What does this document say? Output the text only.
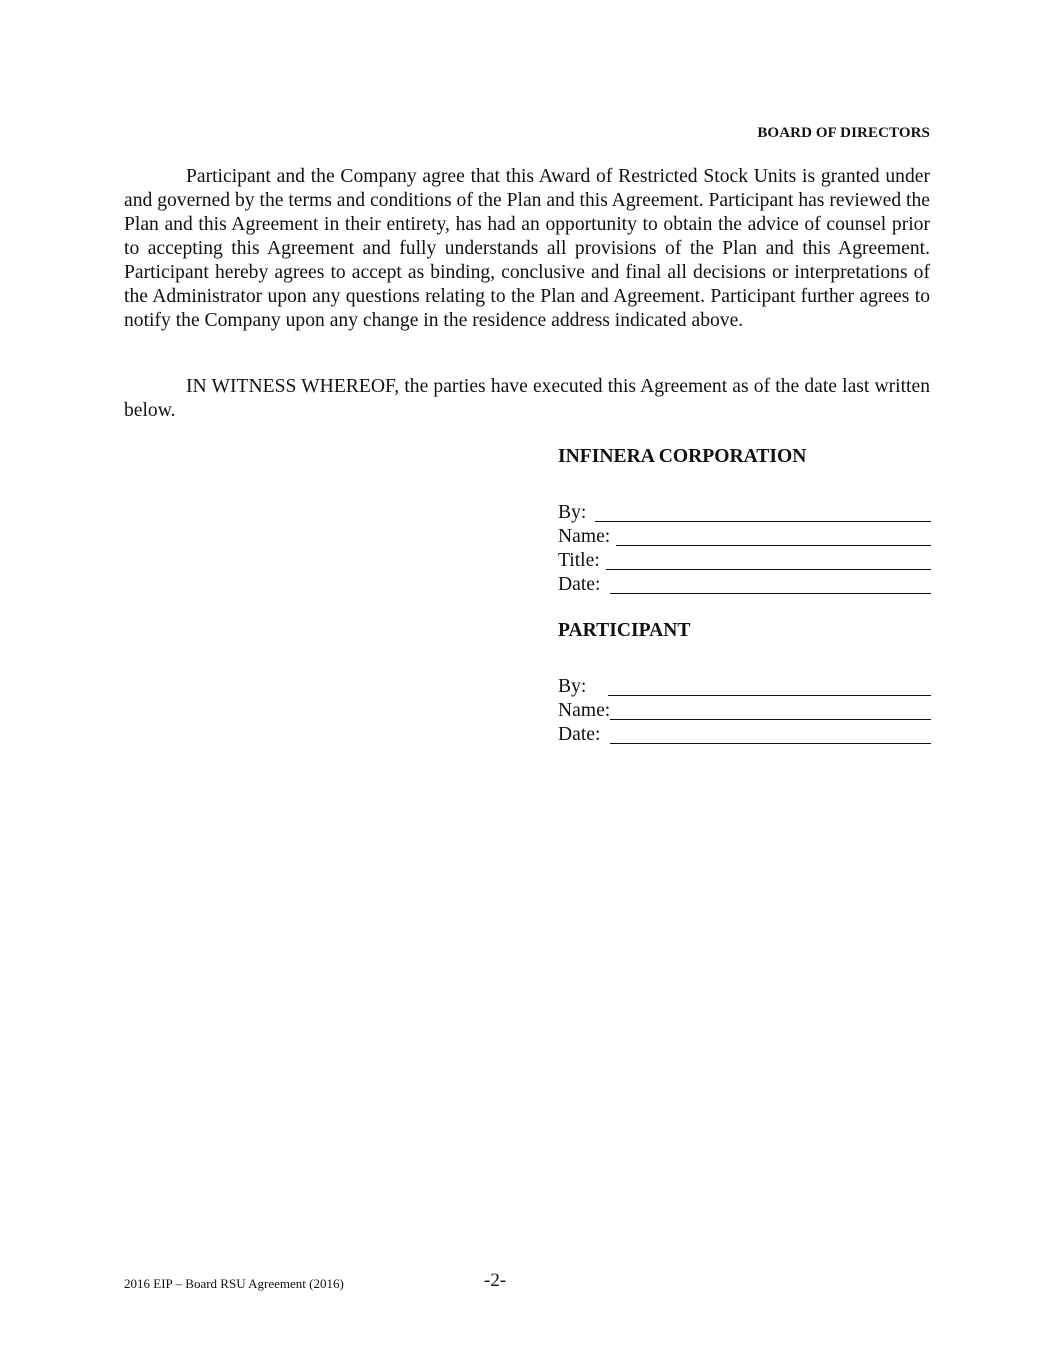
BOARD OF DIRECTORS

Participant and the Company agree that this Award of Restricted Stock Units is granted under and governed by the terms and conditions of the Plan and this Agreement. Participant has reviewed the Plan and this Agreement in their entirety, has had an opportunity to obtain the advice of counsel prior to accepting this Agreement and fully understands all provisions of the Plan and this Agreement. Participant hereby agrees to accept as binding, conclusive and final all decisions or interpretations of the Administrator upon any questions relating to the Plan and Agreement. Participant further agrees to notify the Company upon any change in the residence address indicated above.

IN WITNESS WHEREOF, the parties have executed this Agreement as of the date last written below.

INFINERA CORPORATION
By:
Name:
Title:
Date:
PARTICIPANT
By:
Name:
Date:
2016 EIP – Board RSU Agreement (2016)	-2-
